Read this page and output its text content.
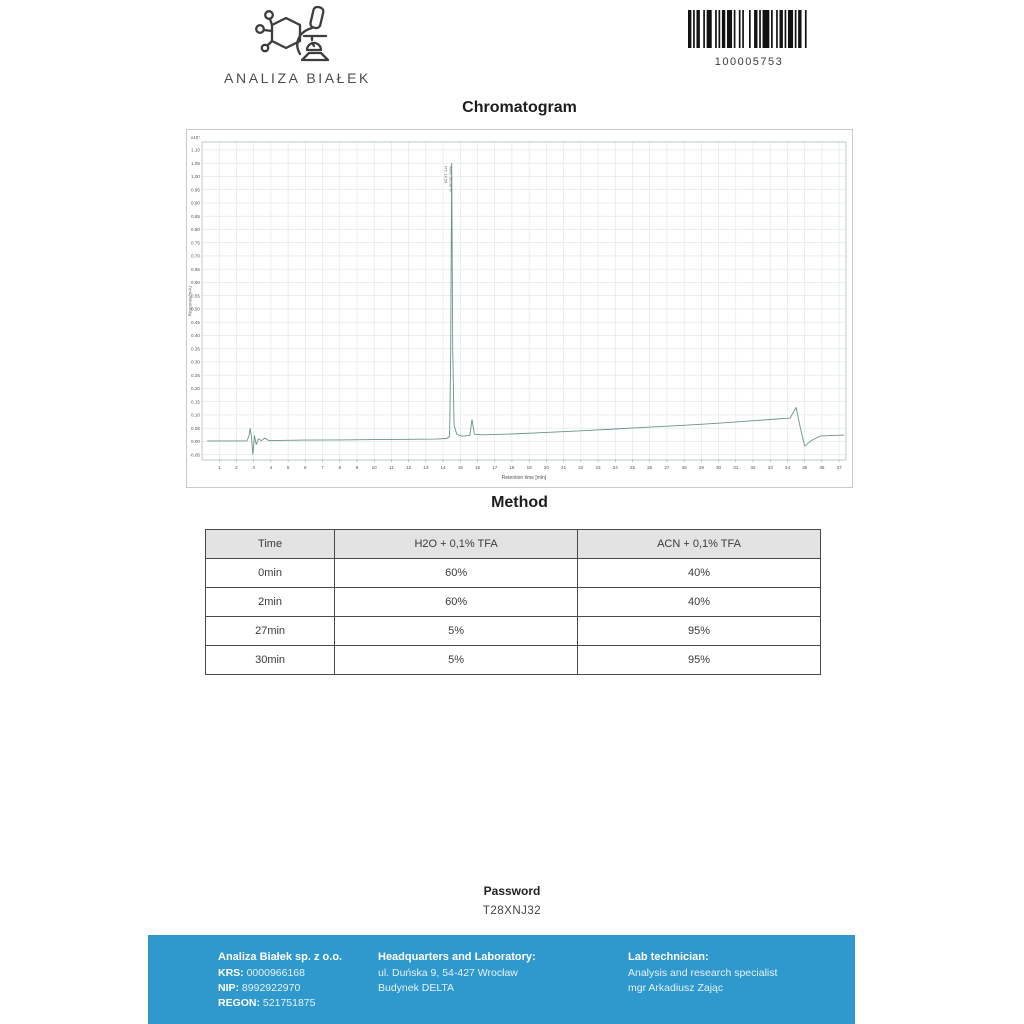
ANALIZA BIAŁEK
100005753
Chromatogram
x10⁷
1.10
1.05
1.00
0.95
0.90
0.85
0.80
0.75
0.70
0.65
0.60
0.55
0.50
0.45
0.40
0.35
0.30
0.25
0.20
0.15
0.10
0.05
0.00
-0.05
1	2	3	4	5	6	7	8	9	10	11	12	13	14	15	16	17	18	19	20	21	22	23	24	25	26	27	28	29	30	31	32	33	34	35	36	37
Retention time [min]
Response/mAU
RT: 14.59 Area: 99.08 %
Method
Time	H2O + 0,1% TFA	ACN + 0,1% TFA
0min	60%	40%
2min	60%	40%
27min	5%	95%
30min	5%	95%
Password
T28XNJ32
Analiza Białek sp. z o.o.
KRS: 0000966168
NIP: 8992922970
REGON: 521751875
Headquarters and Laboratory:
ul. Duńska 9, 54-427 Wrocław
Budynek DELTA
Lab technician:
Analysis and research specialist
mgr Arkadiusz Zając
